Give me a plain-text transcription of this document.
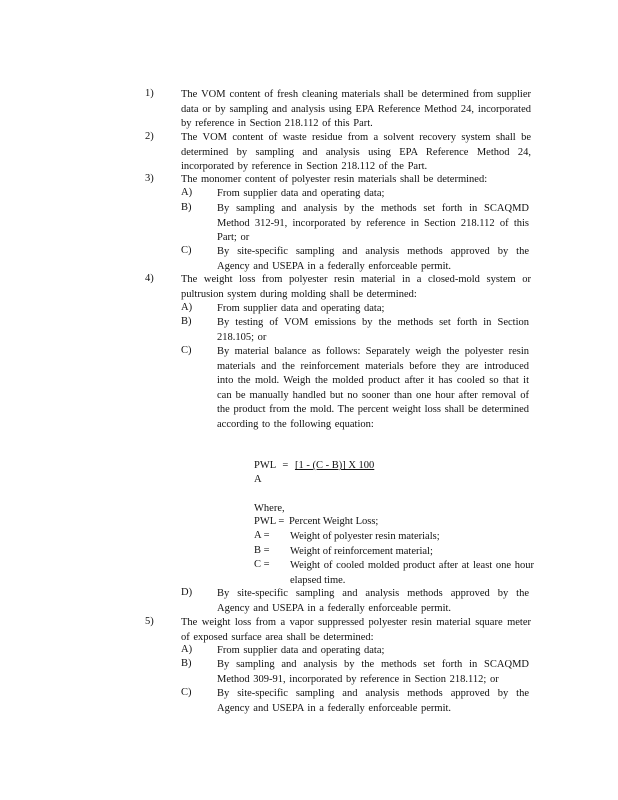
1)	The VOM content of fresh cleaning materials shall be determined from supplier data or by sampling and analysis using EPA Reference Method 24, incorporated by reference in Section 218.112 of this Part.
2)	The VOM content of waste residue from a solvent recovery system shall be determined by sampling and analysis using EPA Reference Method 24, incorporated by reference in Section 218.112 of the Part.
3)	The monomer content of polyester resin materials shall be determined:
A)	From supplier data and operating data;
B)	By sampling and analysis by the methods set forth in SCAQMD Method 312-91, incorporated by reference in Section 218.112 of this Part; or
C)	By site-specific sampling and analysis methods approved by the Agency and USEPA in a federally enforceable permit.
4)	The weight loss from polyester resin material in a closed-mold system or pultrusion system during molding shall be determined:
A)	From supplier data and operating data;
B)	By testing of VOM emissions by the methods set forth in Section 218.105; or
C)	By material balance as follows: Separately weigh the polyester resin materials and the reinforcement materials before they are introduced into the mold. Weigh the molded product after it has cooled so that it can be manually handled but no sooner than one hour after removal of the product from the mold. The percent weight loss shall be determined according to the following equation:
PWL = [1 - (C - B)] X 100
A
Where,
PWL = Percent Weight Loss;
A =	Weight of polyester resin materials;
B =	Weight of reinforcement material;
C =	Weight of cooled molded product after at least one hour elapsed time.
D)	By site-specific sampling and analysis methods approved by the Agency and USEPA in a federally enforceable permit.
5)	The weight loss from a vapor suppressed polyester resin material square meter of exposed surface area shall be determined:
A)	From supplier data and operating data;
B)	By sampling and analysis by the methods set forth in SCAQMD Method 309-91, incorporated by reference in Section 218.112; or
C)	By site-specific sampling and analysis methods approved by the Agency and USEPA in a federally enforceable permit.
